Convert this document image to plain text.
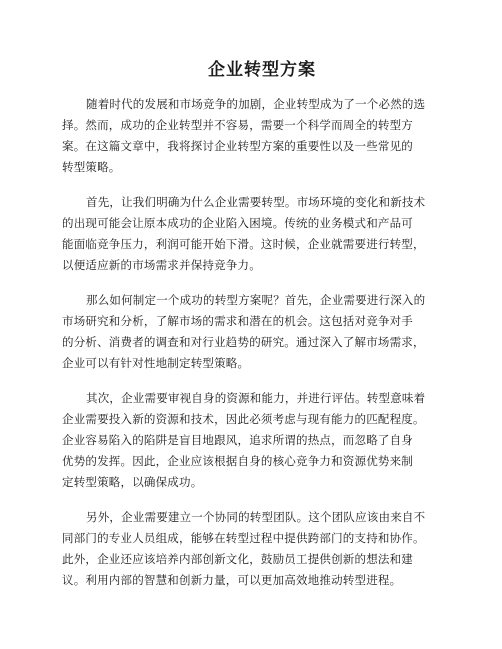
企业转型方案
随着时代的发展和市场竞争的加剧，企业转型成为了一个必然的选
择。然而，成功的企业转型并不容易，需要一个科学而周全的转型方
案。在这篇文章中，我将探讨企业转型方案的重要性以及一些常见的
转型策略。
首先，让我们明确为什么企业需要转型。市场环境的变化和新技术
的出现可能会让原本成功的企业陷入困境。传统的业务模式和产品可
能面临竞争压力，利润可能开始下滑。这时候，企业就需要进行转型，
以便适应新的市场需求并保持竞争力。
那么如何制定一个成功的转型方案呢？首先，企业需要进行深入的
市场研究和分析，了解市场的需求和潜在的机会。这包括对竞争对手
的分析、消费者的调查和对行业趋势的研究。通过深入了解市场需求，
企业可以有针对性地制定转型策略。
其次，企业需要审视自身的资源和能力，并进行评估。转型意味着
企业需要投入新的资源和技术，因此必须考虑与现有能力的匹配程度。
企业容易陷入的陷阱是盲目地跟风，追求所谓的热点，而忽略了自身
优势的发挥。因此，企业应该根据自身的核心竞争力和资源优势来制
定转型策略，以确保成功。
另外，企业需要建立一个协同的转型团队。这个团队应该由来自不
同部门的专业人员组成，能够在转型过程中提供跨部门的支持和协作。
此外，企业还应该培养内部创新文化，鼓励员工提供创新的想法和建
议。利用内部的智慧和创新力量，可以更加高效地推动转型进程。
